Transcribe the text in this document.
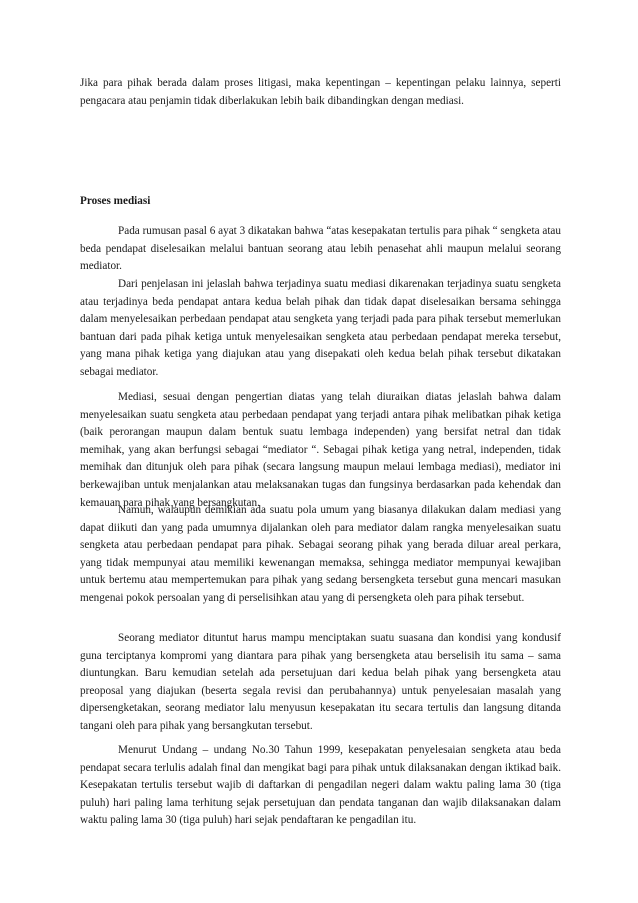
Jika para pihak berada dalam proses litigasi, maka kepentingan – kepentingan pelaku lainnya, seperti pengacara atau penjamin tidak diberlakukan lebih baik dibandingkan dengan mediasi.

Proses mediasi

Pada rumusan pasal 6 ayat 3 dikatakan bahwa “atas kesepakatan tertulis para pihak “ sengketa atau beda pendapat diselesaikan melalui bantuan seorang atau lebih penasehat ahli maupun melalui seorang mediator.

Dari penjelasan ini jelaslah bahwa terjadinya suatu mediasi dikarenakan terjadinya suatu sengketa atau terjadinya beda pendapat antara kedua belah pihak dan tidak dapat diselesaikan bersama sehingga dalam menyelesaikan perbedaan pendapat atau sengketa yang terjadi pada para pihak tersebut memerlukan bantuan dari pada pihak ketiga untuk menyelesaikan sengketa atau perbedaan pendapat mereka tersebut, yang mana pihak ketiga yang diajukan atau yang disepakati oleh kedua belah pihak tersebut dikatakan sebagai mediator.

Mediasi, sesuai dengan pengertian diatas yang telah diuraikan diatas jelaslah bahwa dalam menyelesaikan suatu sengketa atau perbedaan pendapat yang terjadi antara pihak melibatkan pihak ketiga (baik perorangan maupun dalam bentuk suatu lembaga independen) yang bersifat netral dan tidak memihak, yang akan berfungsi sebagai “mediator “. Sebagai pihak ketiga yang netral, independen, tidak memihak dan ditunjuk oleh para pihak (secara langsung maupun melaui lembaga mediasi), mediator ini berkewajiban untuk menjalankan atau melaksanakan tugas dan fungsinya berdasarkan pada kehendak dan kemauan para pihak yang bersangkutan.

Namun, walaupun demikian ada suatu pola umum yang biasanya dilakukan dalam mediasi yang dapat diikuti dan yang pada umumnya dijalankan oleh para mediator dalam rangka menyelesaikan suatu sengketa atau perbedaan pendapat para pihak. Sebagai seorang pihak yang berada diluar areal perkara, yang tidak mempunyai atau memiliki kewenangan memaksa, sehingga mediator mempunyai kewajiban untuk bertemu atau mempertemukan para pihak yang sedang bersengketa tersebut guna mencari masukan mengenai pokok persoalan yang di perselisihkan atau yang di persengketa oleh para pihak tersebut.

Seorang mediator dituntut harus mampu menciptakan suatu suasana dan kondisi yang kondusif guna terciptanya kompromi yang diantara para pihak yang bersengketa atau berselisih itu sama – sama diuntungkan. Baru kemudian setelah ada persetujuan dari kedua belah pihak yang bersengketa atau preoposal yang diajukan (beserta segala revisi dan perubahannya) untuk penyelesaian masalah yang dipersengketakan, seorang mediator lalu menyusun kesepakatan itu secara tertulis dan langsung ditanda tangani oleh para pihak yang bersangkutan tersebut.

Menurut Undang – undang No.30 Tahun 1999, kesepakatan penyelesaian sengketa atau beda pendapat secara terlulis adalah final dan mengikat bagi para pihak untuk dilaksanakan dengan iktikad baik. Kesepakatan tertulis tersebut wajib di daftarkan di pengadilan negeri dalam waktu paling lama 30 (tiga puluh) hari paling lama terhitung sejak persetujuan dan pendata tanganan dan wajib dilaksanakan dalam waktu paling lama 30 (tiga puluh) hari sejak pendaftaran ke pengadilan itu.
